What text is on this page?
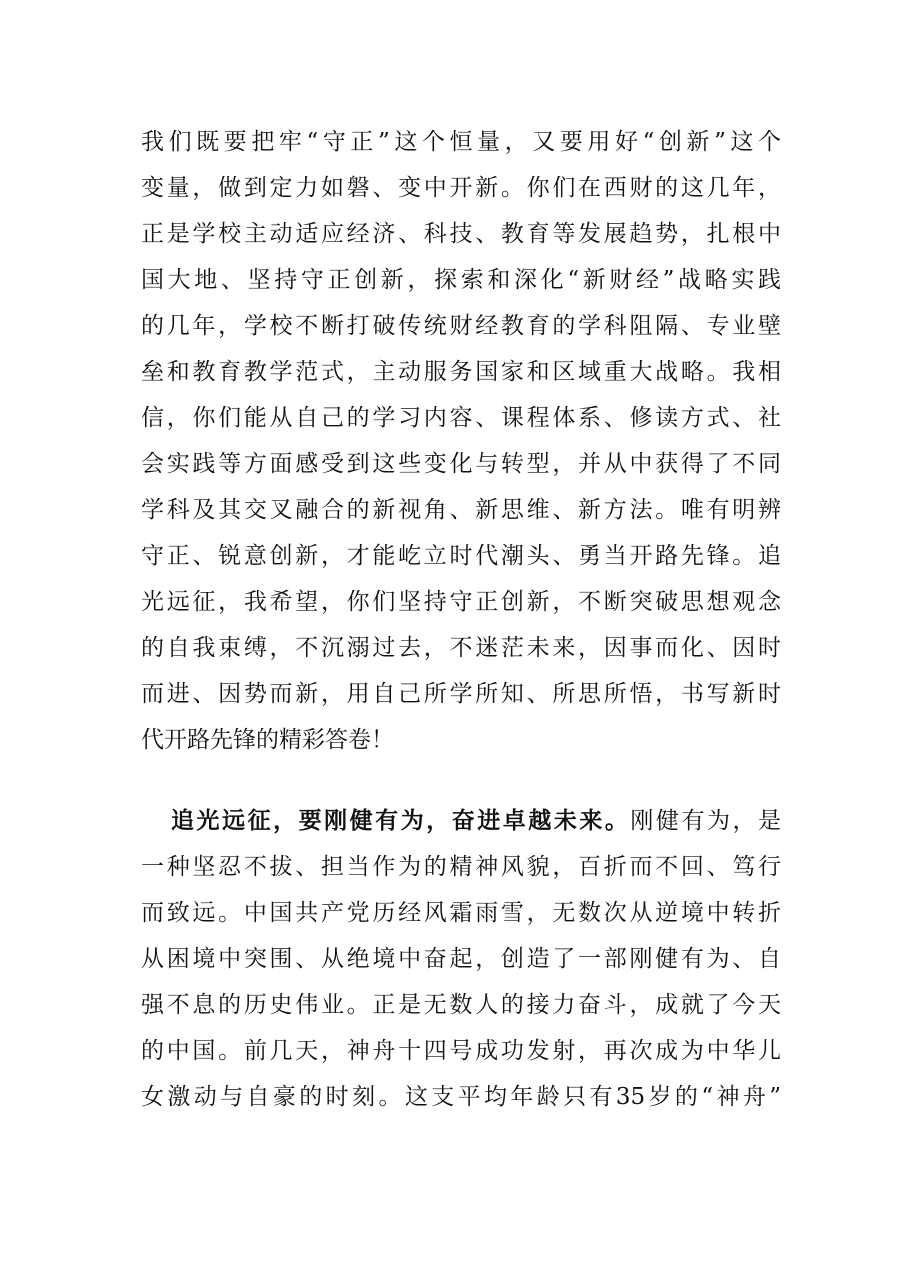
我们既要把牢“守正”这个恒量，又要用好“创新”这个
变量，做到定力如磐、变中开新。你们在西财的这几年，
正是学校主动适应经济、科技、教育等发展趋势，扎根中
国大地、坚持守正创新，探索和深化“新财经”战略实践
的几年，学校不断打破传统财经教育的学科阻隔、专业壁
垒和教育教学范式，主动服务国家和区域重大战略。我相
信，你们能从自己的学习内容、课程体系、修读方式、社
会实践等方面感受到这些变化与转型，并从中获得了不同
学科及其交叉融合的新视角、新思维、新方法。唯有明辨
守正、锐意创新，才能屹立时代潮头、勇当开路先锋。追
光远征，我希望，你们坚持守正创新，不断突破思想观念
的自我束缚，不沉溺过去，不迷茫未来，因事而化、因时
而进、因势而新，用自己所学所知、所思所悟，书写新时
代开路先锋的精彩答卷！
追光远征，要刚健有为，奋进卓越未来。刚健有为，是
一种坚忍不拔、担当作为的精神风貌，百折而不回、笃行
而致远。中国共产党历经风霜雨雪，无数次从逆境中转折
从困境中突围、从绝境中奋起，创造了一部刚健有为、自
强不息的历史伟业。正是无数人的接力奋斗，成就了今天
的中国。前几天，神舟十四号成功发射，再次成为中华儿
女激动与自豪的时刻。这支平均年龄只有35岁的“神舟”
